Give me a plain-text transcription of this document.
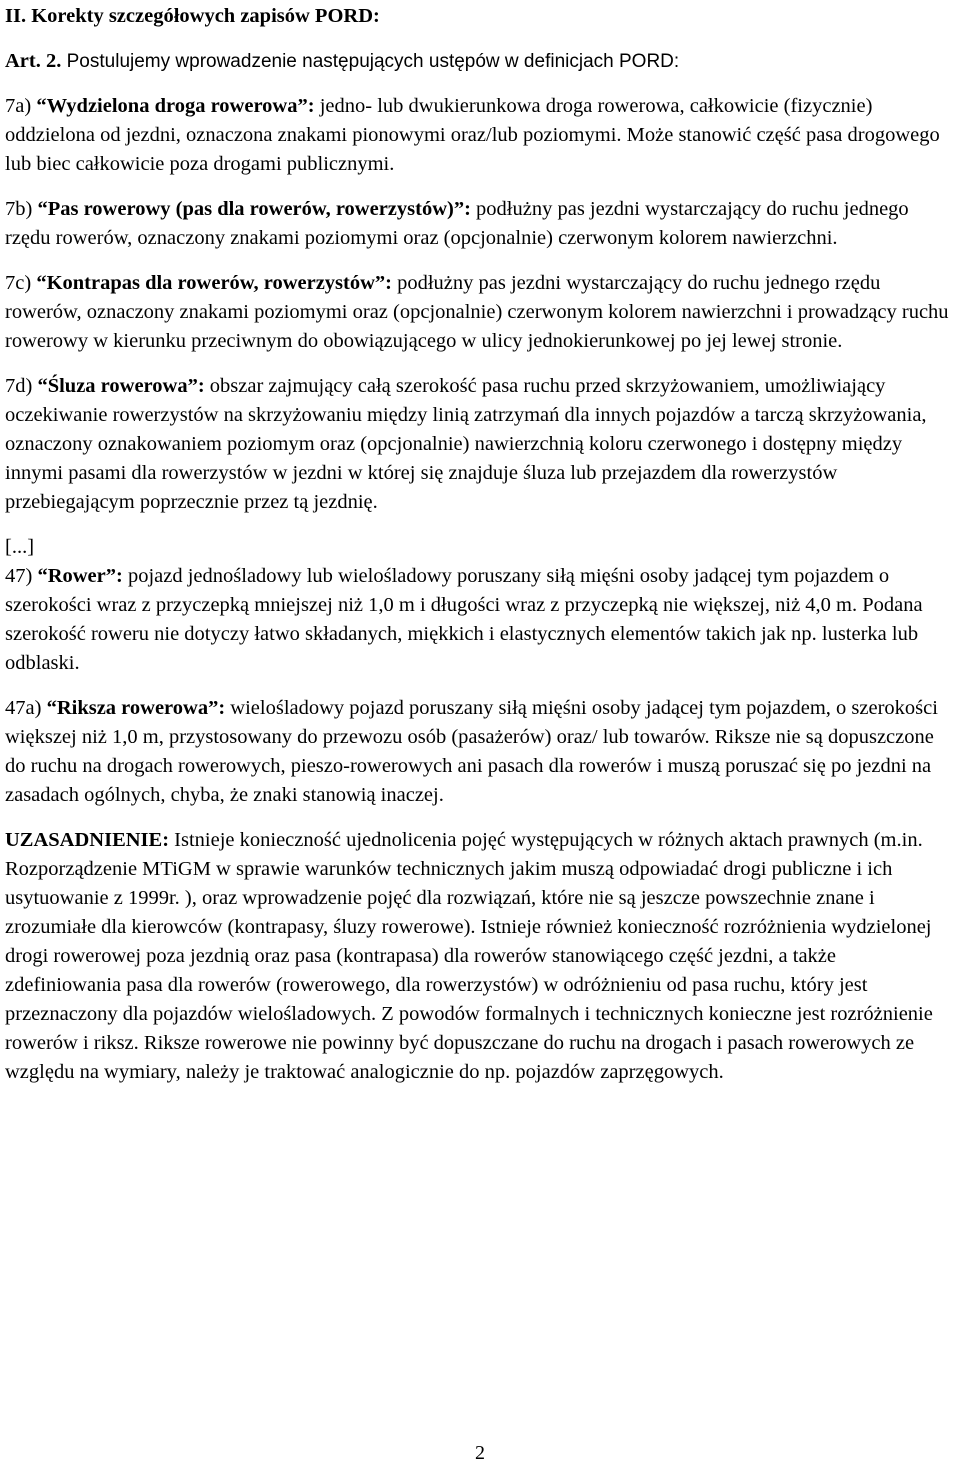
II. Korekty szczegółowych zapisów PORD:

Art. 2. Postulujemy wprowadzenie następujących ustępów w definicjach PORD:

7a) “Wydzielona droga rowerowa”: jedno- lub dwukierunkowa droga rowerowa, całkowicie (fizycznie) oddzielona od jezdni, oznaczona znakami pionowymi oraz/lub poziomymi. Może stanowić część pasa drogowego lub biec całkowicie poza drogami publicznymi.

7b) “Pas rowerowy (pas dla rowerów, rowerzystów)”: podłużny pas jezdni wystarczający do ruchu jednego rzędu rowerów, oznaczony znakami poziomymi oraz (opcjonalnie) czerwonym kolorem nawierzchni.

7c) “Kontrapas dla rowerów, rowerzystów”: podłużny pas jezdni wystarczający do ruchu jednego rzędu rowerów, oznaczony znakami poziomymi oraz (opcjonalnie) czerwonym kolorem nawierzchni i prowadzący ruchu rowerowy w kierunku przeciwnym do obowiązującego w ulicy jednokierunkowej po jej lewej stronie.

7d) “Śluza rowerowa”: obszar zajmujący całą szerokość pasa ruchu przed skrzyżowaniem, umożliwiający oczekiwanie rowerzystów na skrzyżowaniu między linią zatrzymań dla innych pojazdów a tarczą skrzyżowania, oznaczony oznakowaniem poziomym oraz (opcjonalnie) nawierzchnią koloru czerwonego i dostępny między innymi pasami dla rowerzystów w jezdni w której się znajduje śluza lub przejazdem dla rowerzystów przebiegającym poprzecznie przez tą jezdnię.

[...]
47) “Rower”: pojazd jednośladowy lub wielośladowy poruszany siłą mięśni osoby jadącej tym pojazdem o szerokości wraz z przyczepką mniejszej niż 1,0 m i długości wraz z przyczepką nie większej, niż 4,0 m. Podana szerokość roweru nie dotyczy łatwo składanych, miękkich i elastycznych elementów takich jak np. lusterka lub odblaski.

47a) “Riksza rowerowa”: wielośladowy pojazd poruszany siłą mięśni osoby jadącej tym pojazdem, o szerokości większej niż 1,0 m, przystosowany do przewozu osób (pasażerów) oraz/ lub towarów. Riksze nie są dopuszczone do ruchu na drogach rowerowych, pieszo-rowerowych ani pasach dla rowerów i muszą poruszać się po jezdni na zasadach ogólnych, chyba, że znaki stanowią inaczej.

UZASADNIENIE: Istnieje konieczność ujednolicenia pojęć występujących w różnych aktach prawnych (m.in. Rozporządzenie MTiGM w sprawie warunków technicznych jakim muszą odpowiadać drogi publiczne i ich usytuowanie z 1999r. ), oraz wprowadzenie pojęć dla rozwiązań, które nie są jeszcze powszechnie znane i zrozumiałe dla kierowców (kontrapasy, śluzy rowerowe). Istnieje również konieczność rozróżnienia wydzielonej drogi rowerowej poza jezdnią oraz pasa (kontrapasa) dla rowerów stanowiącego część jezdni, a także zdefiniowania pasa dla rowerów (rowerowego, dla rowerzystów) w odróżnieniu od pasa ruchu, który jest przeznaczony dla pojazdów wielośladowych. Z powodów formalnych i technicznych konieczne jest rozróżnienie rowerów i riksz. Riksze rowerowe nie powinny być dopuszczane do ruchu na drogach i pasach rowerowych ze względu na wymiary, należy je traktować analogicznie do np. pojazdów zaprzęgowych.

2
